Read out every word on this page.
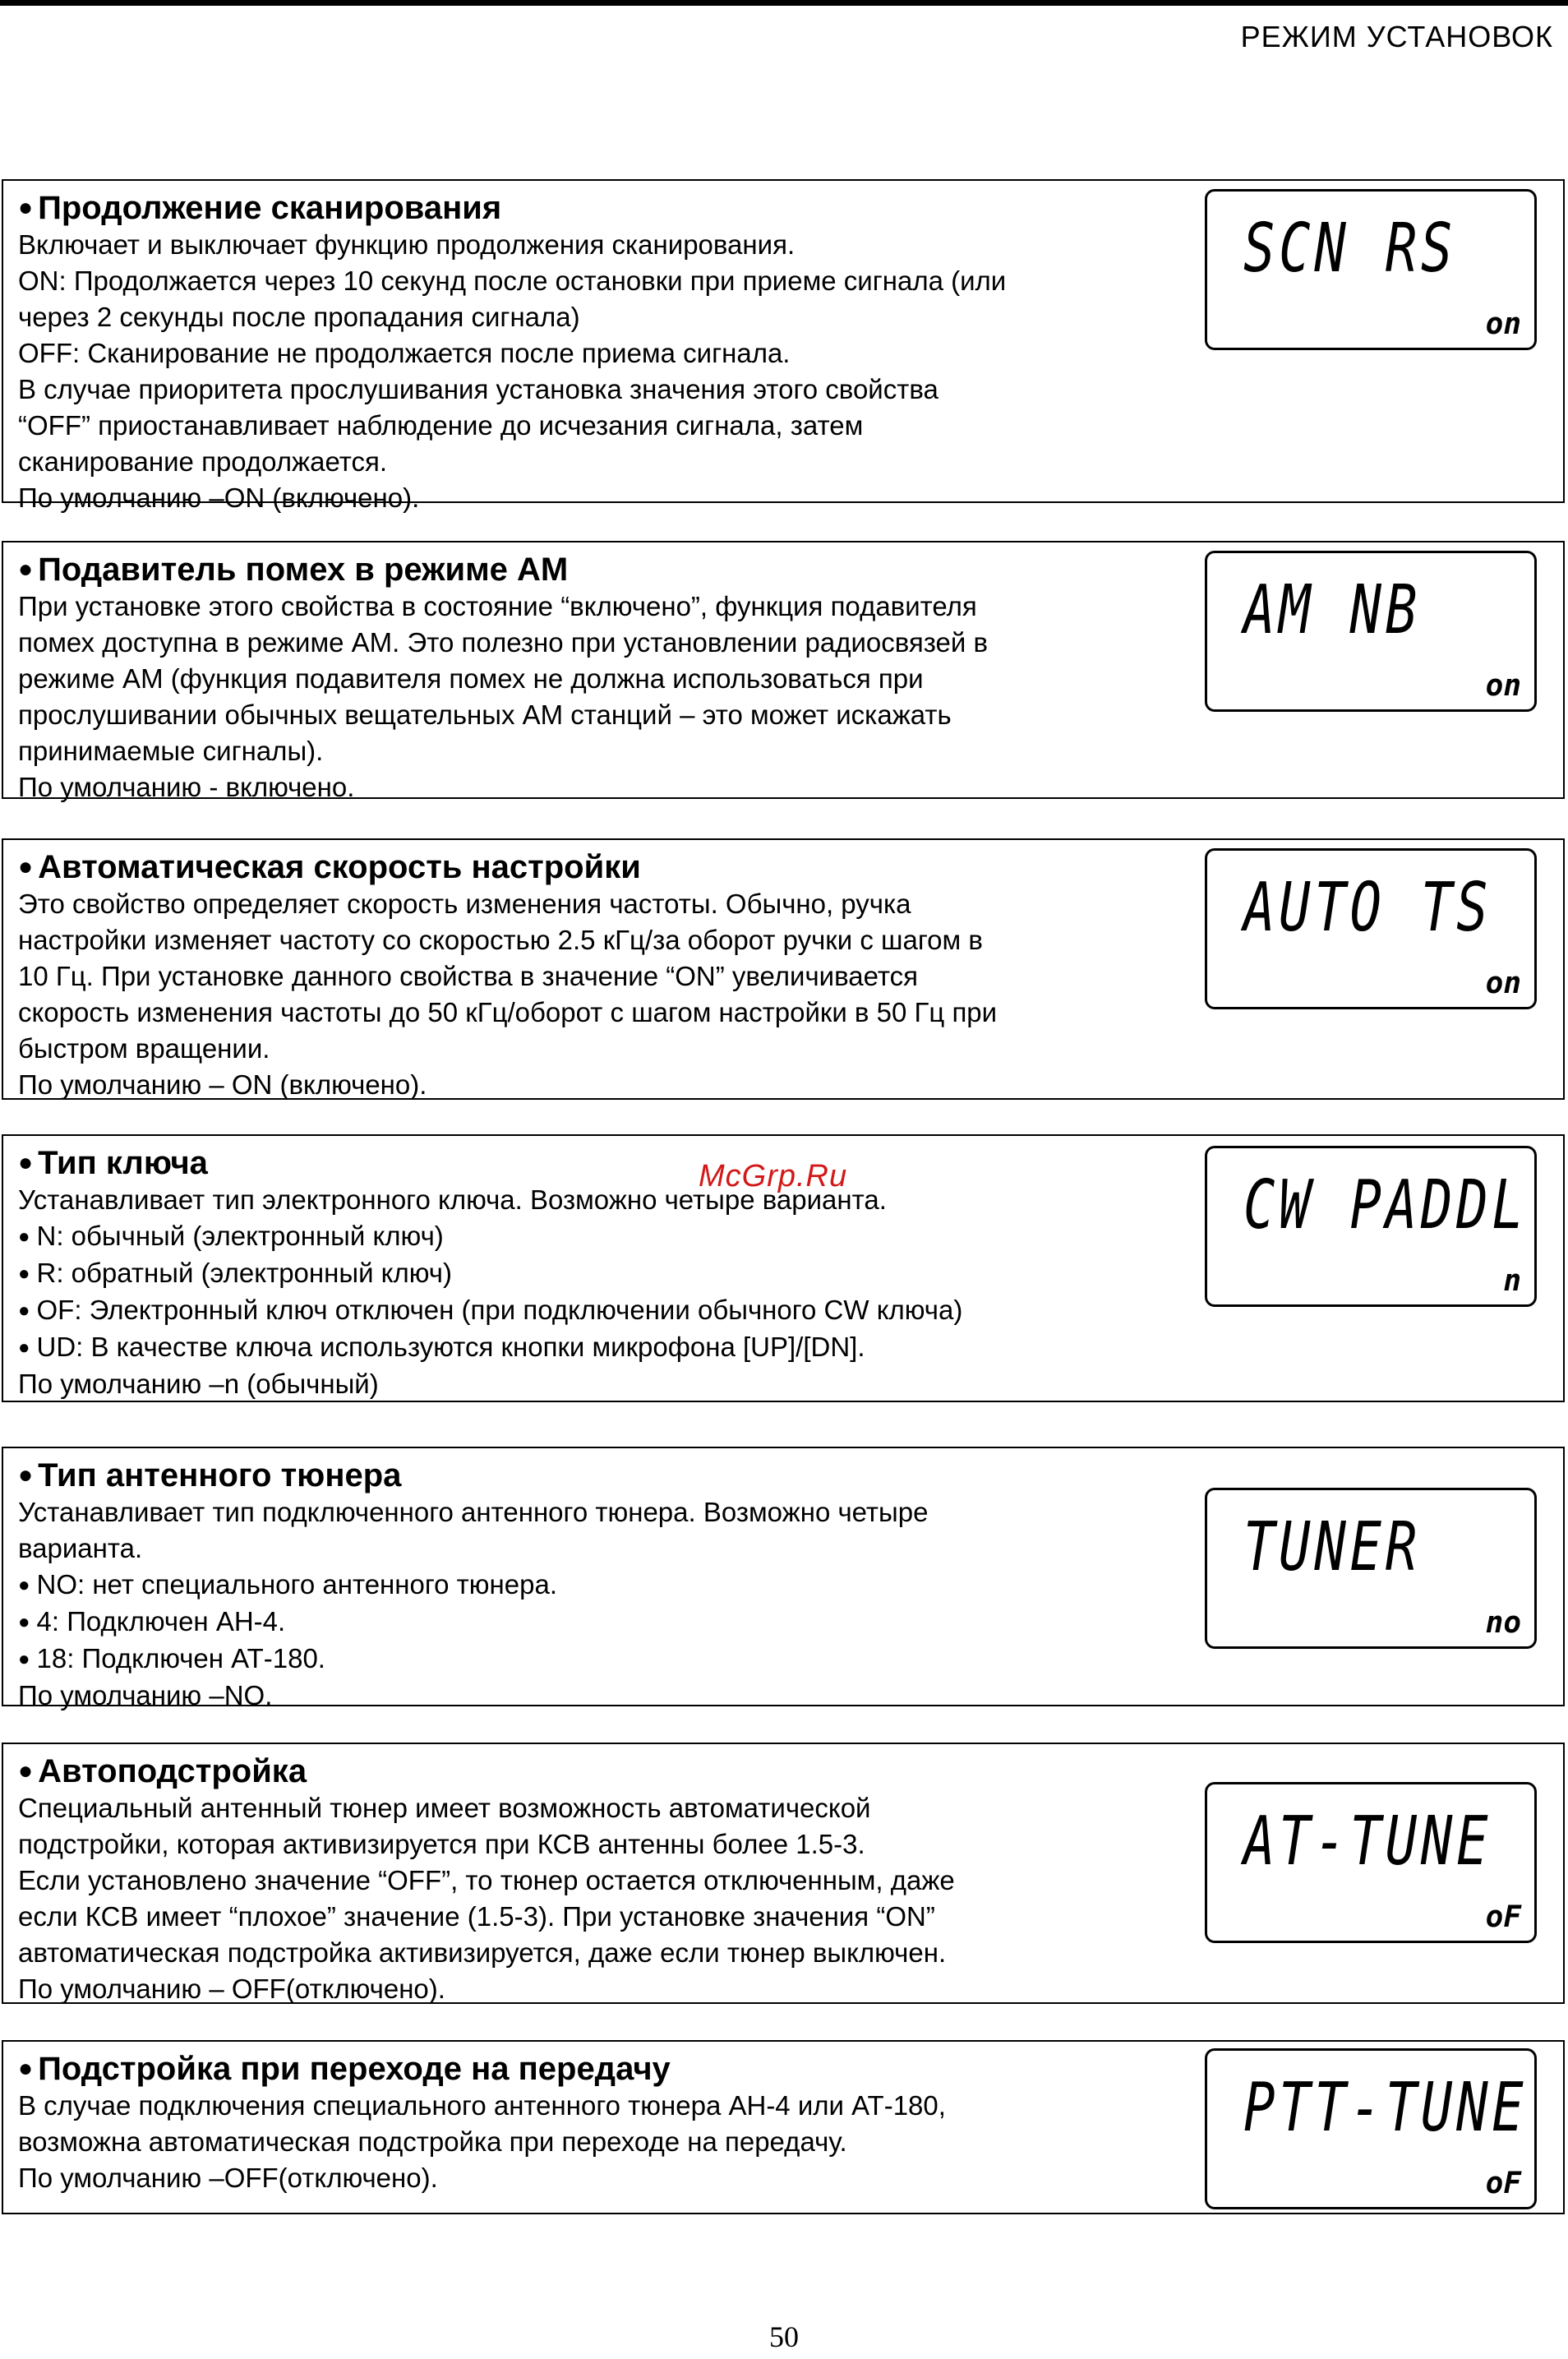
РЕЖИМ УСТАНОВОК

● Продолжение сканирования

Включает и выключает функцию продолжения сканирования.

ON: Продолжается через 10 секунд после остановки при приеме сигнала (или

через 2 секунды после пропадания сигнала)

OFF: Сканирование не продолжается после приема сигнала.

В случае приоритета прослушивания установка значения этого свойства

“OFF” приостанавливает наблюдение до исчезания сигнала, затем

сканирование продолжается.

По умолчанию –ON (включено).

SCN RS
on

● Подавитель помех в режиме АМ

При установке этого свойства в состояние “включено”, функция подавителя

помех доступна в режиме АМ. Это полезно при установлении радиосвязей в

режиме АМ (функция подавителя помех не должна использоваться при

прослушивании обычных вещательных АМ станций – это может искажать

принимаемые сигналы).

По умолчанию - включено.

AM NB
on

● Автоматическая скорость настройки

Это свойство определяет скорость изменения частоты. Обычно, ручка

настройки изменяет частоту со скоростью 2.5 кГц/за оборот ручки с шагом в

10 Гц. При установке данного свойства в значение “ON” увеличивается

скорость изменения частоты до 50 кГц/оборот с шагом настройки в 50 Гц при

быстром вращении.

По умолчанию – ON (включено).

AUTO TS
on

● Тип ключа

Устанавливает тип электронного ключа. Возможно четыре варианта.

● N: обычный (электронный ключ)

● R: обратный (электронный ключ)

● OF: Электронный ключ отключен (при подключении обычного CW ключа)

● UD: В качестве ключа используются кнопки микрофона [UP]/[DN].

По умолчанию –n (обычный)

CW PADDL
n

● Тип антенного тюнера

Устанавливает тип подключенного антенного тюнера. Возможно четыре

варианта.

● NO: нет специального антенного тюнера.

● 4: Подключен АН-4.

● 18: Подключен АТ-180.

По умолчанию –NO.

TUNER
no

● Автоподстройка

Специальный антенный тюнер имеет возможность автоматической

подстройки, которая активизируется при КСВ антенны более 1.5-3.

Если установлено значение “OFF”, то тюнер остается отключенным, даже

если КСВ имеет “плохое” значение (1.5-3). При установке значения “ON”

автоматическая подстройка активизируется, даже если тюнер выключен.

По умолчанию – OFF(отключено).

AT-TUNE
oF

● Подстройка при переходе на передачу

В случае подключения специального антенного тюнера АН-4 или АТ-180,

возможна автоматическая подстройка при переходе на передачу.

По умолчанию –OFF(отключено).

PTT-TUNE
oF
McGrp.Ru
50
